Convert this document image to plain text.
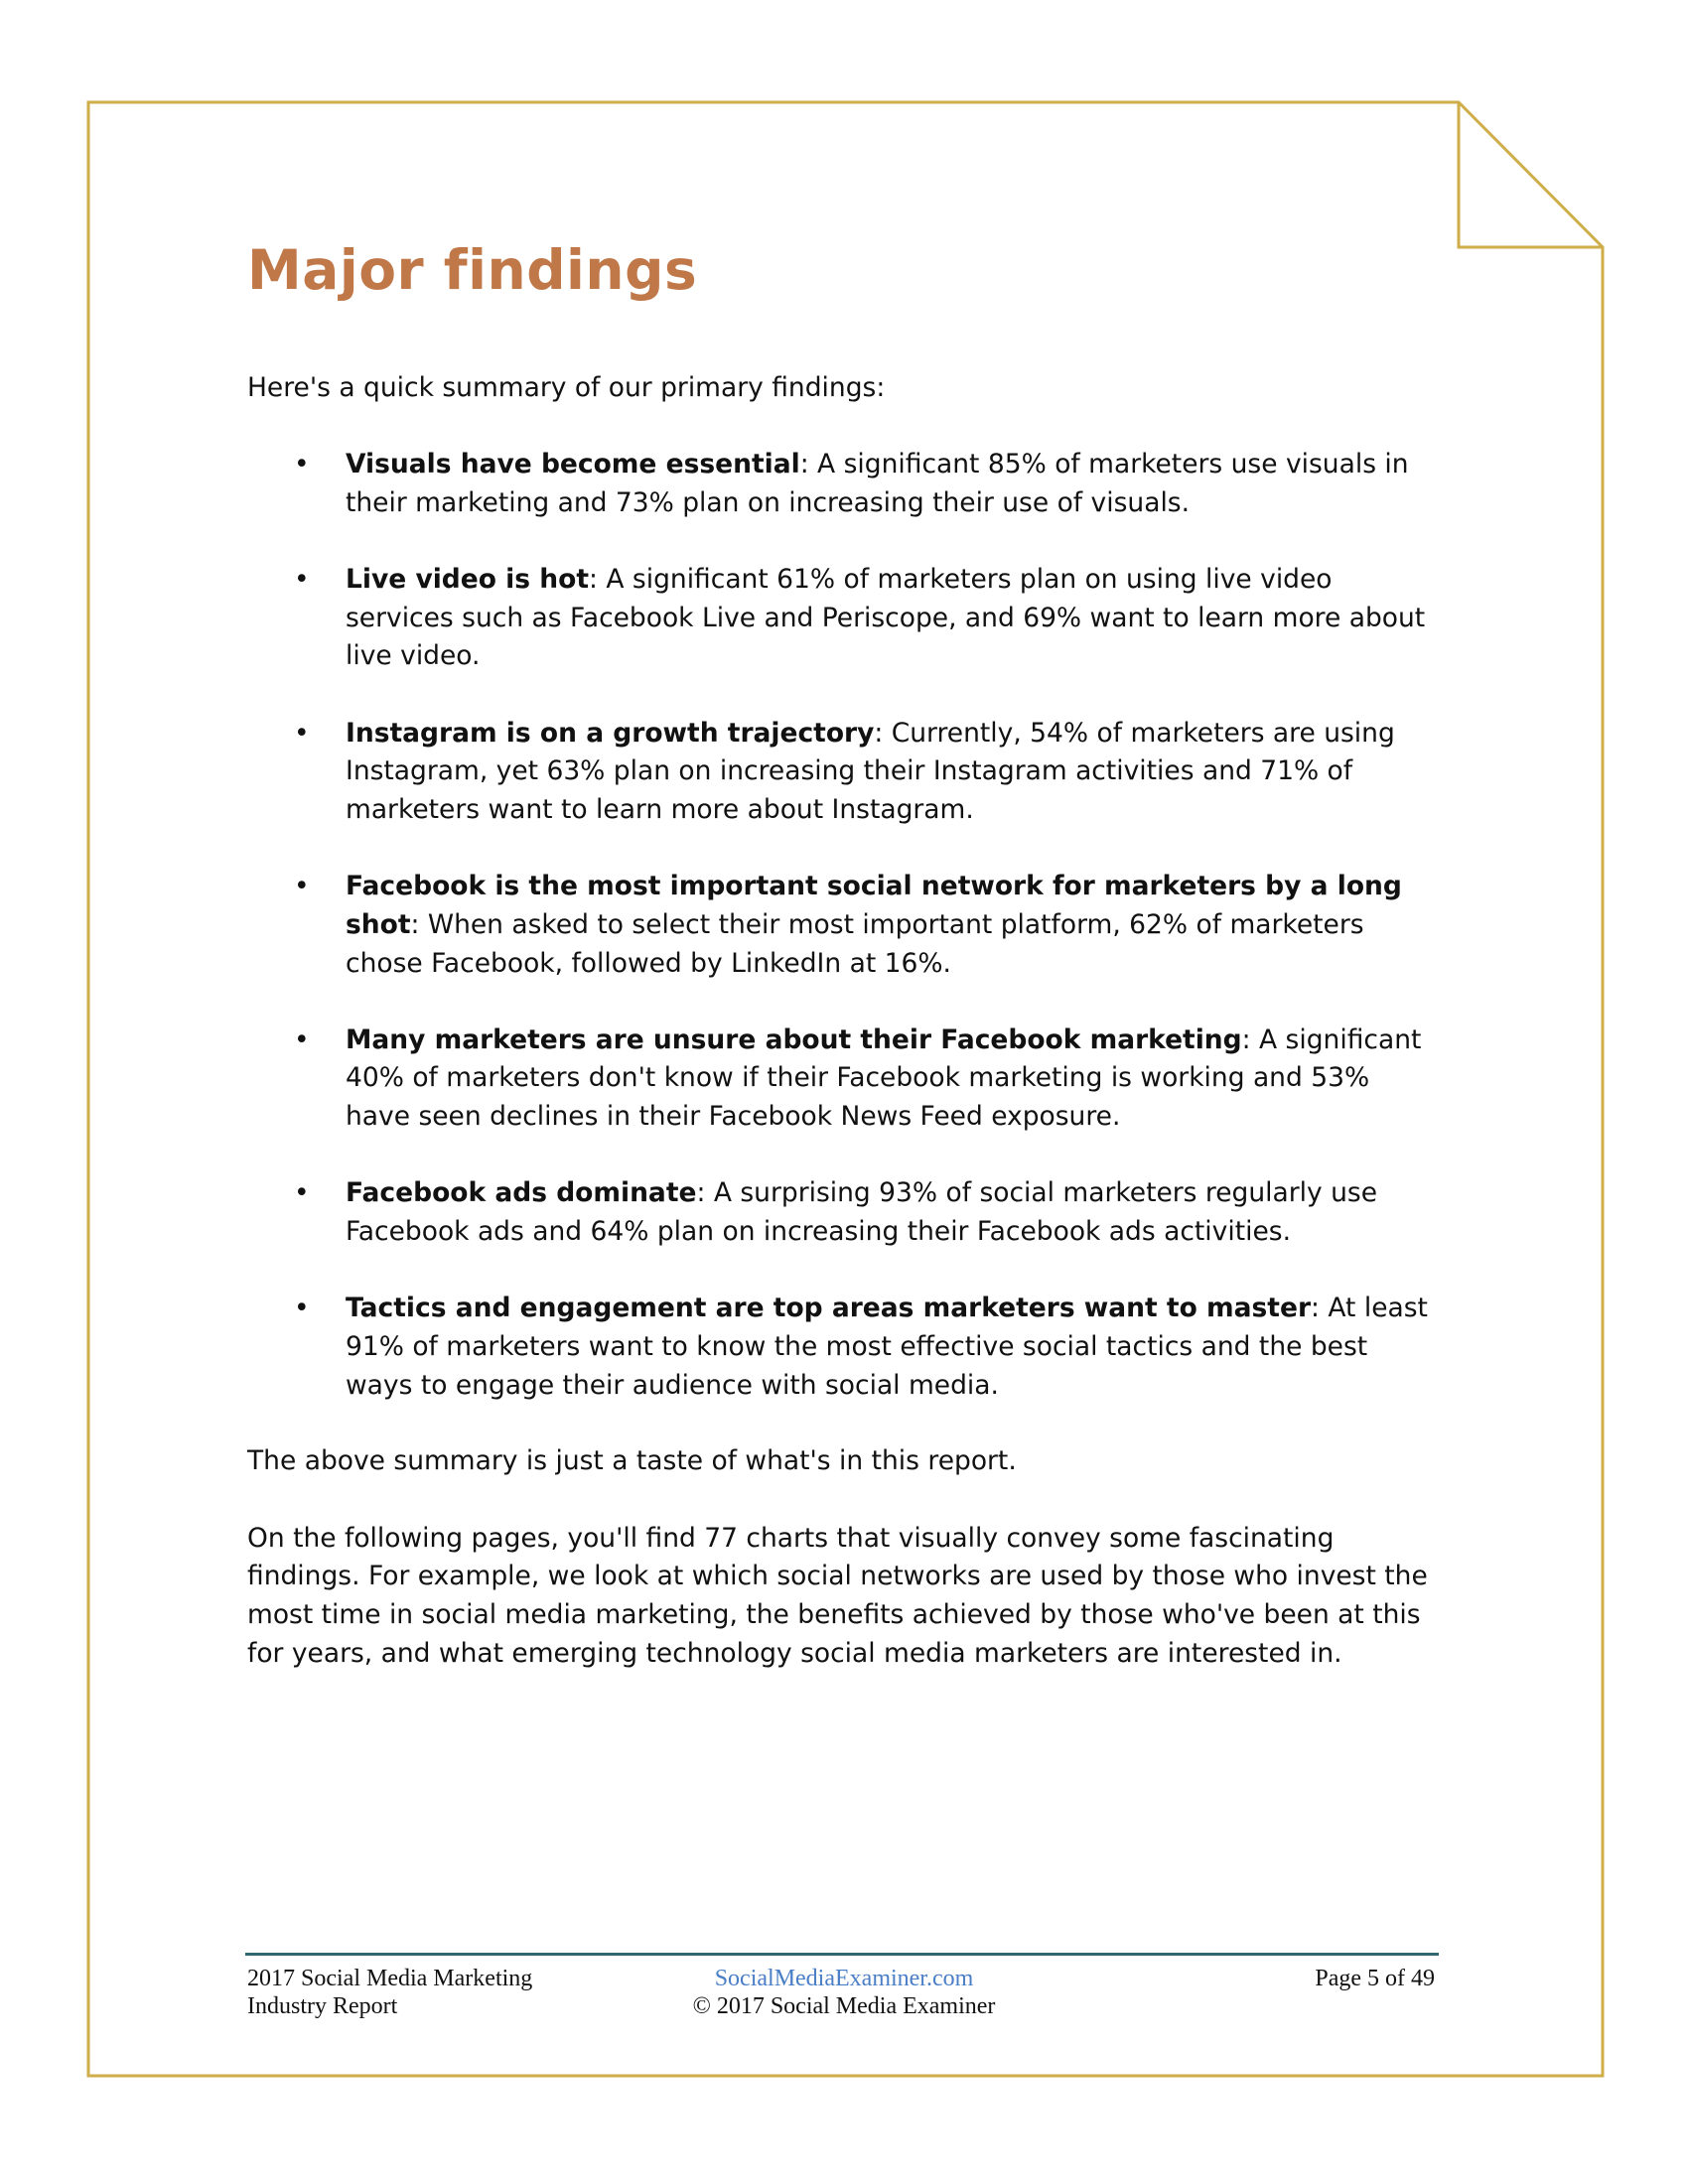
Major findings

Here's a quick summary of our primary findings:

• Visuals have become essential: A significant 85% of marketers use visuals in their marketing and 73% plan on increasing their use of visuals.
• Live video is hot: A significant 61% of marketers plan on using live video services such as Facebook Live and Periscope, and 69% want to learn more about live video.
• Instagram is on a growth trajectory: Currently, 54% of marketers are using Instagram, yet 63% plan on increasing their Instagram activities and 71% of marketers want to learn more about Instagram.
• Facebook is the most important social network for marketers by a long shot: When asked to select their most important platform, 62% of marketers chose Facebook, followed by LinkedIn at 16%.
• Many marketers are unsure about their Facebook marketing: A significant 40% of marketers don't know if their Facebook marketing is working and 53% have seen declines in their Facebook News Feed exposure.
• Facebook ads dominate: A surprising 93% of social marketers regularly use Facebook ads and 64% plan on increasing their Facebook ads activities.
• Tactics and engagement are top areas marketers want to master: At least 91% of marketers want to know the most effective social tactics and the best ways to engage their audience with social media.

The above summary is just a taste of what's in this report.

On the following pages, you'll find 77 charts that visually convey some fascinating findings. For example, we look at which social networks are used by those who invest the most time in social media marketing, the benefits achieved by those who've been at this for years, and what emerging technology social media marketers are interested in.

2017 Social Media Marketing
Industry Report
SocialMediaExaminer.com
© 2017 Social Media Examiner
Page 5 of 49
